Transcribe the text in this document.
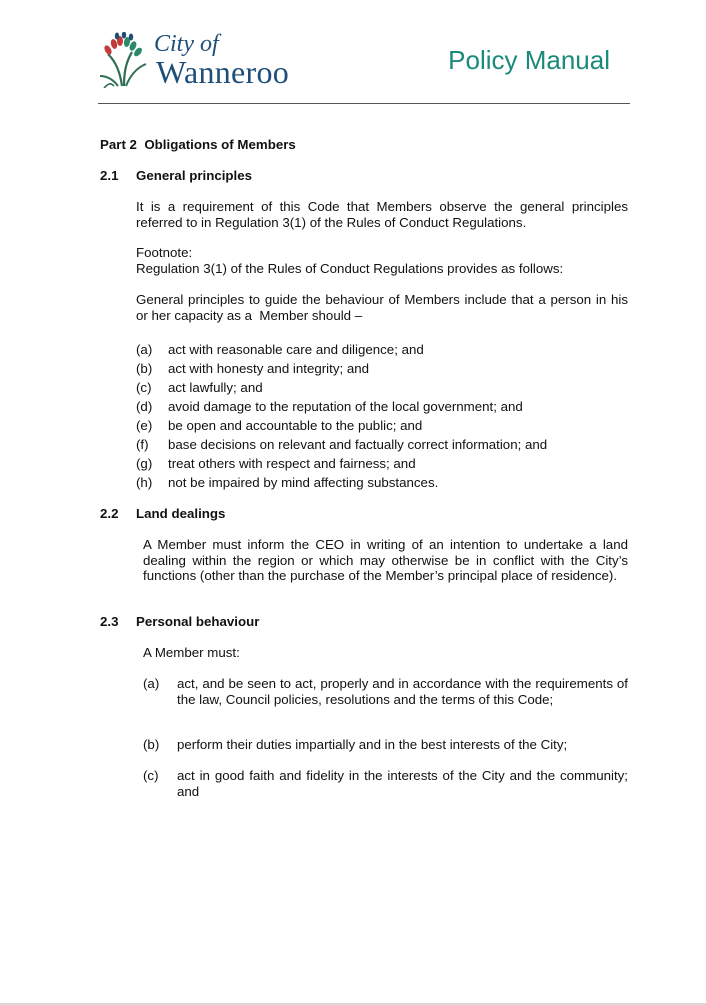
City of
Wanneroo	Policy Manual
Part 2  Obligations of Members
2.1 General principles
It is a requirement of this Code that Members observe the general principles referred to in Regulation 3(1) of the Rules of Conduct Regulations.
Footnote:
Regulation 3(1) of the Rules of Conduct Regulations provides as follows:
General principles to guide the behaviour of Members include that a person in his or her capacity as a  Member should –
(a) act with reasonable care and diligence; and
(b) act with honesty and integrity; and
(c) act lawfully; and
(d) avoid damage to the reputation of the local government; and
(e) be open and accountable to the public; and
(f) base decisions on relevant and factually correct information; and
(g) treat others with respect and fairness; and
(h) not be impaired by mind affecting substances.
2.2 Land dealings
A Member must inform the CEO in writing of an intention to undertake a land dealing within the region or which may otherwise be in conflict with the City’s functions (other than the purchase of the Member’s principal place of residence).
2.3 Personal behaviour
A Member must:
(a) act, and be seen to act, properly and in accordance with the requirements of the law, Council policies, resolutions and the terms of this Code;
(b) perform their duties impartially and in the best interests of the City;
(c) act in good faith and fidelity in the interests of the City and the community; and
